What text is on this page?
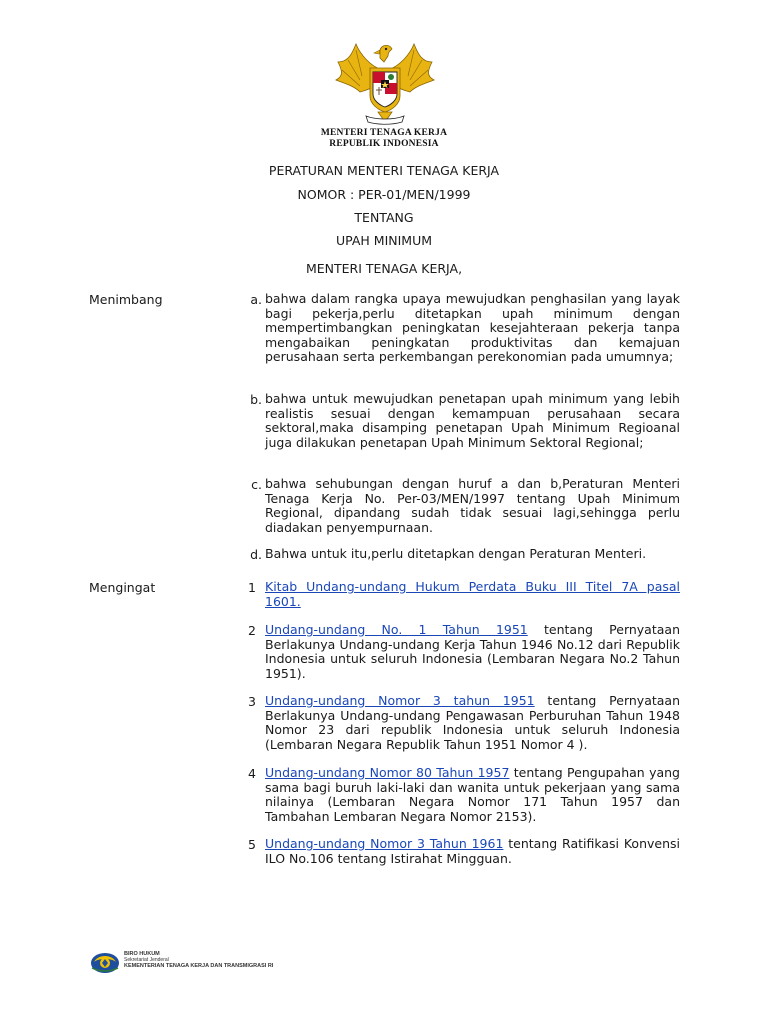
MENTERI TENAGA KERJA
REPUBLIK INDONESIA
PERATURAN MENTERI TENAGA KERJA
NOMOR : PER-01/MEN/1999
TENTANG
UPAH MINIMUM
MENTERI TENAGA KERJA,
Menimbang	a. bahwa dalam rangka upaya mewujudkan penghasilan yang layak bagi pekerja,perlu ditetapkan upah minimum dengan mempertimbangkan peningkatan kesejahteraan pekerja tanpa mengabaikan peningkatan produktivitas dan kemajuan perusahaan serta perkembangan perekonomian pada umumnya;
b. bahwa untuk mewujudkan penetapan upah minimum yang lebih realistis sesuai dengan kemampuan perusahaan secara sektoral,maka disamping penetapan Upah Minimum Regioanal juga dilakukan penetapan Upah Minimum Sektoral Regional;
c. bahwa sehubungan dengan huruf a dan b,Peraturan Menteri Tenaga Kerja No. Per-03/MEN/1997 tentang Upah Minimum Regional, dipandang sudah tidak sesuai lagi,sehingga perlu diadakan penyempurnaan.
d. Bahwa untuk itu,perlu ditetapkan dengan Peraturan Menteri.
Mengingat	1 Kitab Undang-undang Hukum Perdata Buku III Titel 7A pasal 1601.
2 Undang-undang No. 1 Tahun 1951 tentang Pernyataan Berlakunya Undang-undang Kerja Tahun 1946 No.12 dari Republik Indonesia untuk seluruh Indonesia (Lembaran Negara No.2 Tahun 1951).
3 Undang-undang Nomor 3 tahun 1951 tentang Pernyataan Berlakunya Undang-undang Pengawasan Perburuhan Tahun 1948 Nomor 23 dari republik Indonesia untuk seluruh Indonesia (Lembaran Negara Republik Tahun 1951 Nomor 4 ).
4 Undang-undang Nomor 80 Tahun 1957 tentang Pengupahan yang sama bagi buruh laki-laki dan wanita untuk pekerjaan yang sama nilainya (Lembaran Negara Nomor 171 Tahun 1957 dan Tambahan Lembaran Negara Nomor 2153).
5 Undang-undang Nomor 3 Tahun 1961 tentang Ratifikasi Konvensi ILO No.106 tentang Istirahat Mingguan.
BIRO HUKUM
Sekretariat Jenderal
KEMENTERIAN TENAGA KERJA DAN TRANSMIGRASI RI
